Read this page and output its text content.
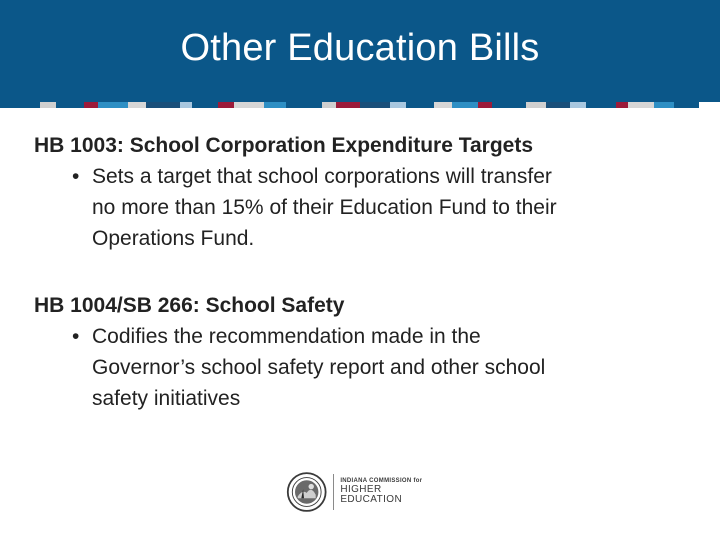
Other Education Bills

HB 1003: School Corporation Expenditure Targets

• Sets a target that school corporations will transfer
no more than 15% of their Education Fund to their
Operations Fund.

HB 1004/SB 266: School Safety

• Codifies the recommendation made in the
Governor’s school safety report and other school
safety initiatives
INDIANA COMMISSION for
HIGHER EDUCATION
